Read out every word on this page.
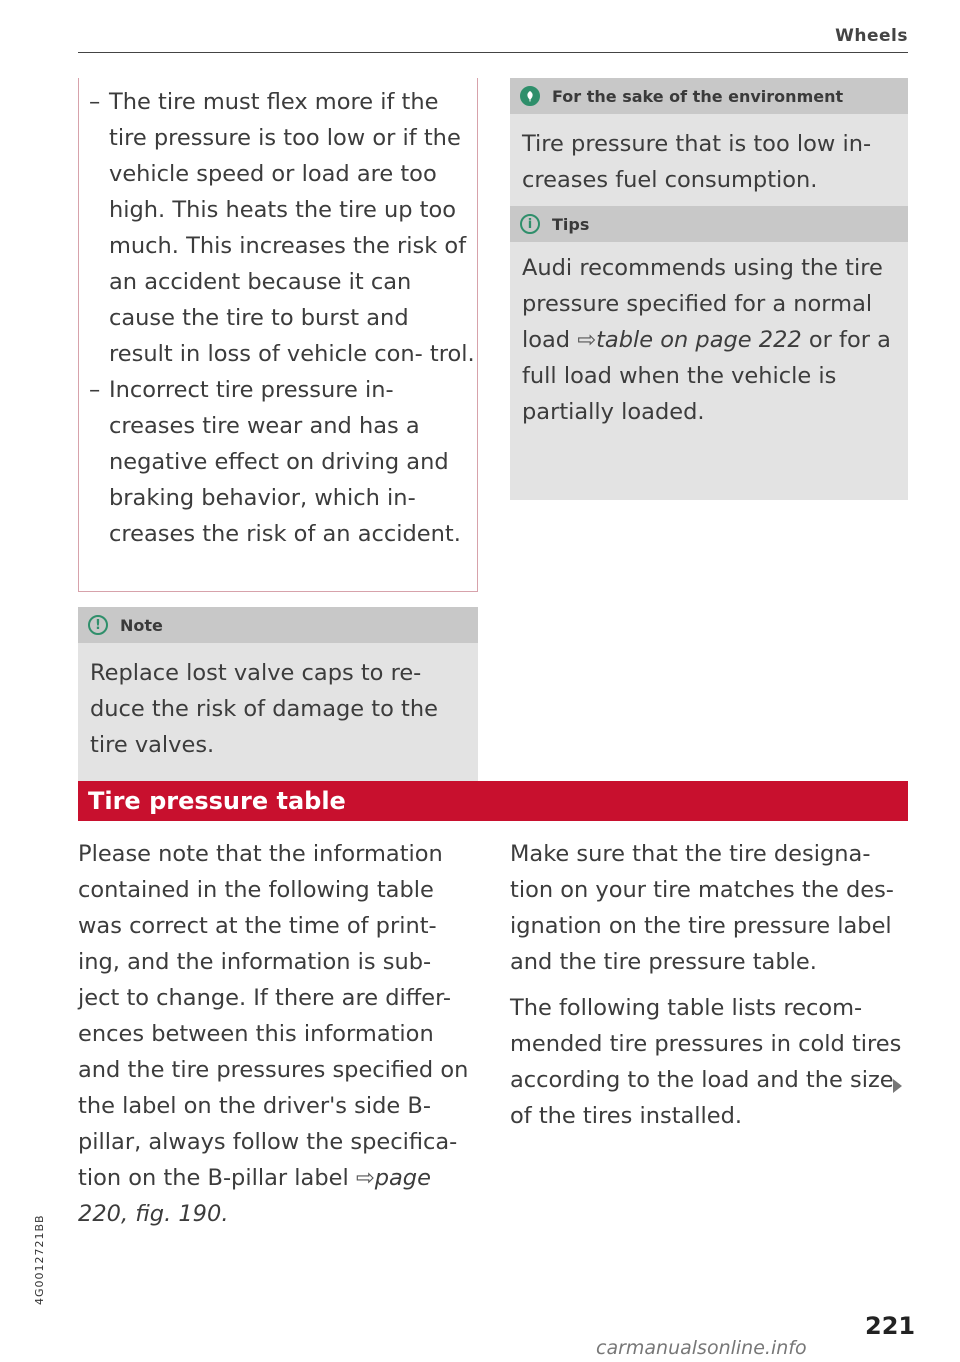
Wheels
– The tire must flex more if the tire pressure is too low or if the vehicle speed or load are too high. This heats the tire up too much. This increases the risk of an accident because it can cause the tire to burst and result in loss of vehicle con- trol.
– Incorrect tire pressure in- creases tire wear and has a negative effect on driving and braking behavior, which in- creases the risk of an accident.
!	Note

Replace lost valve caps to re- duce the risk of damage to the tire valves.

For the sake of the environment

Tire pressure that is too low in- creases fuel consumption.

i	Tips

Audi recommends using the tire pressure specified for a normal load ⇨table on page 222 or for a full load when the vehicle is partially loaded.

Tire pressure table

Please note that the information contained in the following table was correct at the time of print- ing, and the information is sub- ject to change. If there are differ- ences between this information and the tire pressures specified on the label on the driver's side B- pillar, always follow the specifica- tion on the B-pillar label ⇨page 220, fig. 190.

Make sure that the tire designa- tion on your tire matches the des- ignation on the tire pressure label and the tire pressure table.

The following table lists recom- mended tire pressures in cold tires according to the load and the size of the tires installed.

4G0012721BB
221
carmanualsonline.info
